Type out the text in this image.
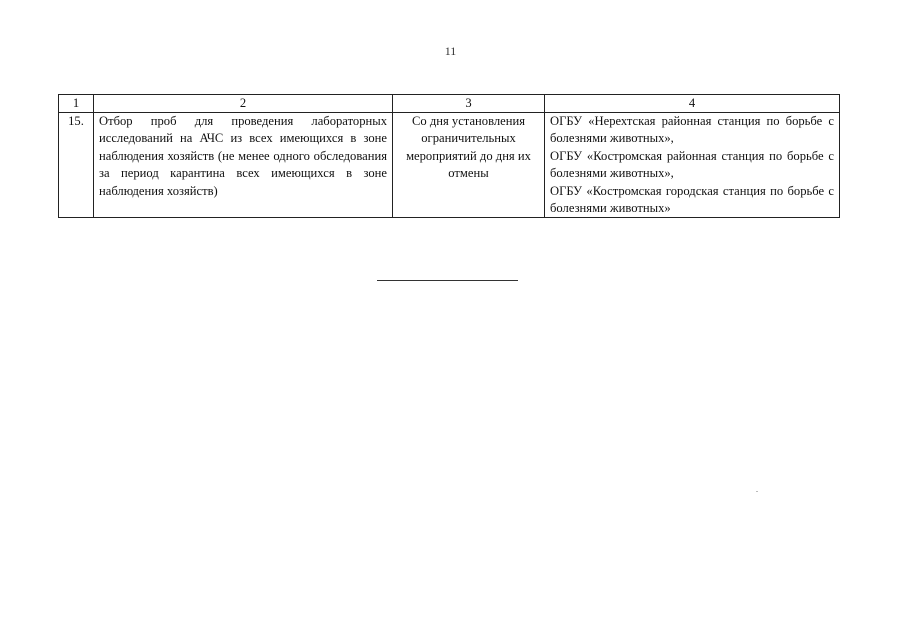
11
1	2	3	4
15.	Отбор проб для проведения лабораторных исследований на АЧС из всех имеющихся в зоне наблюдения хозяйств (не менее одного обследования за период карантина всех имеющихся в зоне наблюдения хозяйств)	Со дня установления ограничительных мероприятий до дня их отмены	ОГБУ «Нерехтская районная станция по борьбе с болезнями животных»,
ОГБУ «Костромская районная станция по борьбе с болезнями животных»,
ОГБУ «Костромская городская станция по борьбе с болезнями животных»
